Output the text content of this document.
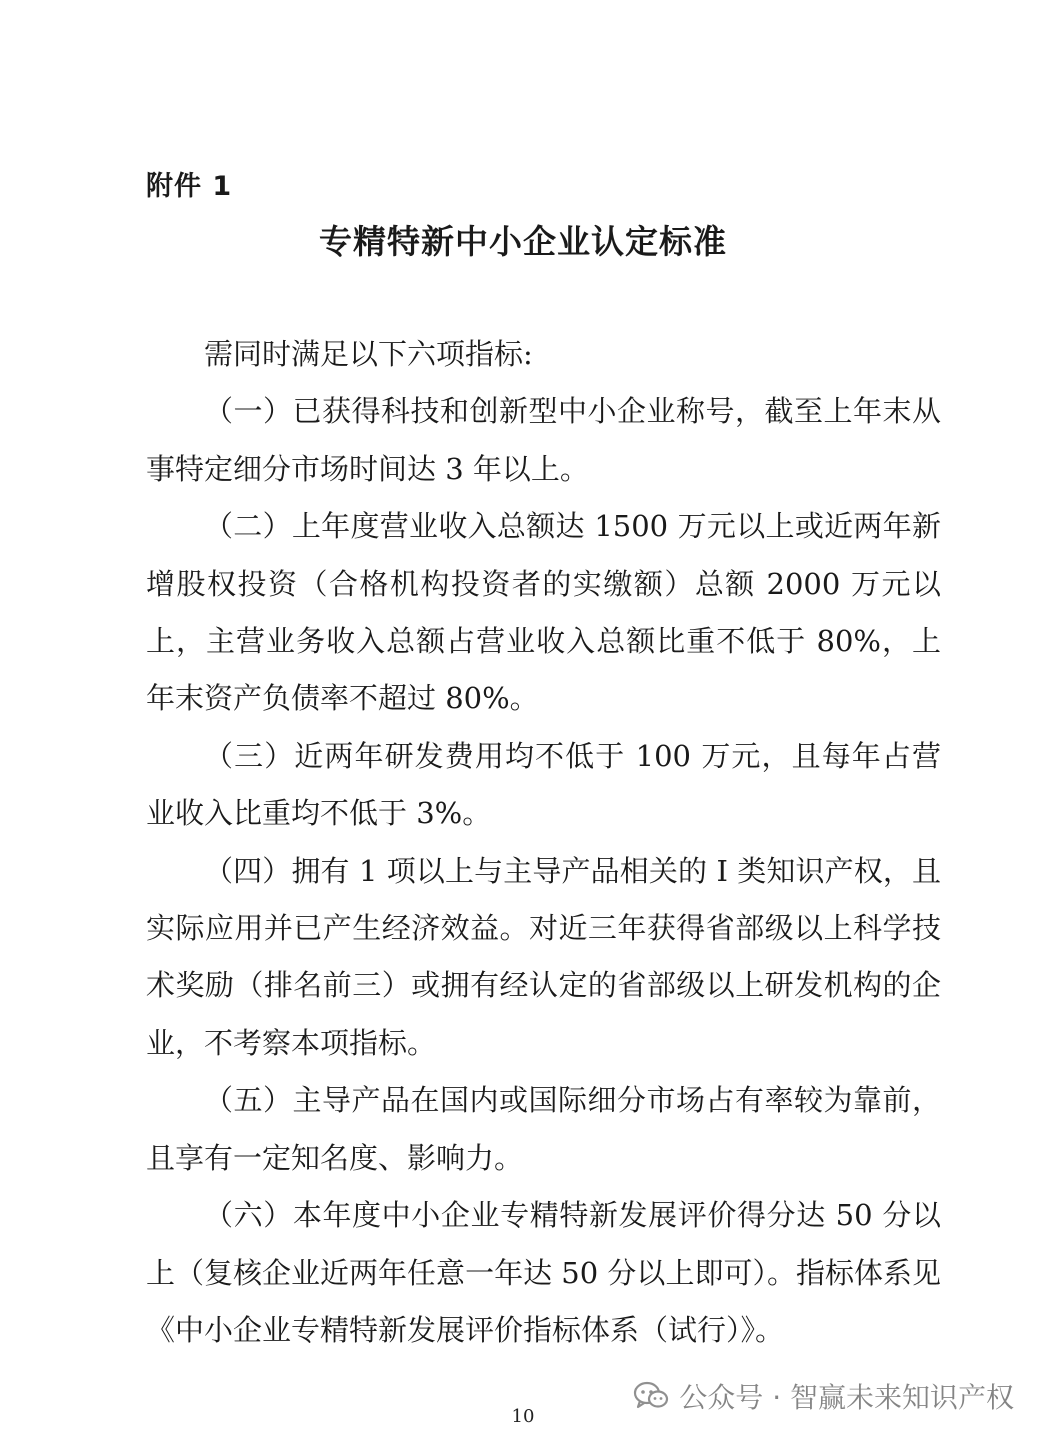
附件 1
专精特新中小企业认定标准

需同时满足以下六项指标:

（一）已获得科技和创新型中小企业称号，截至上年末从事特定细分市场时间达 3 年以上。

（二）上年度营业收入总额达 1500 万元以上或近两年新增股权投资（合格机构投资者的实缴额）总额 2000 万元以上，主营业务收入总额占营业收入总额比重不低于 80%，上年末资产负债率不超过 80%。

（三）近两年研发费用均不低于 100 万元，且每年占营业收入比重均不低于 3%。

（四）拥有 1 项以上与主导产品相关的 I 类知识产权，且实际应用并已产生经济效益。对近三年获得省部级以上科学技术奖励（排名前三）或拥有经认定的省部级以上研发机构的企业，不考察本项指标。

（五）主导产品在国内或国际细分市场占有率较为靠前，且享有一定知名度、影响力。

（六）本年度中小企业专精特新发展评价得分达 50 分以上（复核企业近两年任意一年达 50 分以上即可）。指标体系见《中小企业专精特新发展评价指标体系（试行）》。

公众号 · 智赢未来知识产权
10
